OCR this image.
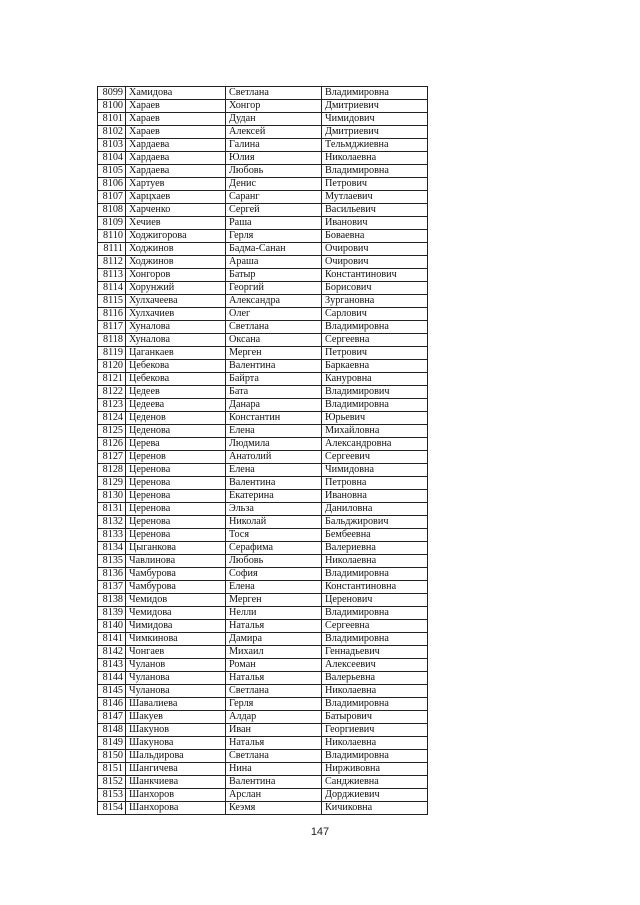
8099	Хамидова	Светлана	Владимировна
8100	Хараев	Хонгор	Дмитриевич
8101	Хараев	Дудан	Чимидович
8102	Хараев	Алексей	Дмитриевич
8103	Хардаева	Галина	Тельмджиевна
8104	Хардаева	Юлия	Николаевна
8105	Хардаева	Любовь	Владимировна
8106	Хартуев	Денис	Петрович
8107	Харцхаев	Саранг	Мутлаевич
8108	Харченко	Сергей	Васильевич
8109	Хечиев	Раша	Иванович
8110	Ходжигорова	Герля	Боваевна
8111	Ходжинов	Бадма-Санан	Очирович
8112	Ходжинов	Араша	Очирович
8113	Хонгоров	Батыр	Константинович
8114	Хорунжий	Георгий	Борисович
8115	Хулхачеева	Александра	Зургановна
8116	Хулхачиев	Олег	Сарлович
8117	Хуналова	Светлана	Владимировна
8118	Хуналова	Оксана	Сергеевна
8119	Цаганкаев	Мерген	Петрович
8120	Цебекова	Валентина	Баркаевна
8121	Цебекова	Байрта	Кануровна
8122	Цедеев	Бата	Владимирович
8123	Цедеева	Данара	Владимировна
8124	Цеденов	Константин	Юрьевич
8125	Цеденова	Елена	Михайловна
8126	Церева	Людмила	Александровна
8127	Церенов	Анатолий	Сергеевич
8128	Церенова	Елена	Чимидовна
8129	Церенова	Валентина	Петровна
8130	Церенова	Екатерина	Ивановна
8131	Церенова	Эльза	Даниловна
8132	Церенова	Николай	Бальджирович
8133	Церенова	Тося	Бембеевна
8134	Цыганкова	Серафима	Валериевна
8135	Чавлинова	Любовь	Николаевна
8136	Чамбурова	София	Владимировна
8137	Чамбурова	Елена	Константиновна
8138	Чемидов	Мерген	Церенович
8139	Чемидова	Нелли	Владимировна
8140	Чимидова	Наталья	Сергеевна
8141	Чимкинова	Дамира	Владимировна
8142	Чонгаев	Михаил	Геннадьевич
8143	Чуланов	Роман	Алексеевич
8144	Чуланова	Наталья	Валерьевна
8145	Чуланова	Светлана	Николаевна
8146	Шавалиева	Герля	Владимировна
8147	Шакуев	Алдар	Батырович
8148	Шакунов	Иван	Георгиевич
8149	Шакунова	Наталья	Николаевна
8150	Шальдирова	Светлана	Владимировна
8151	Шангичева	Нина	Нирживовна
8152	Шанкчиева	Валентина	Санджиевна
8153	Шанхоров	Арслан	Дорджиевич
8154	Шанхорова	Кеэмя	Кичиковна
147
